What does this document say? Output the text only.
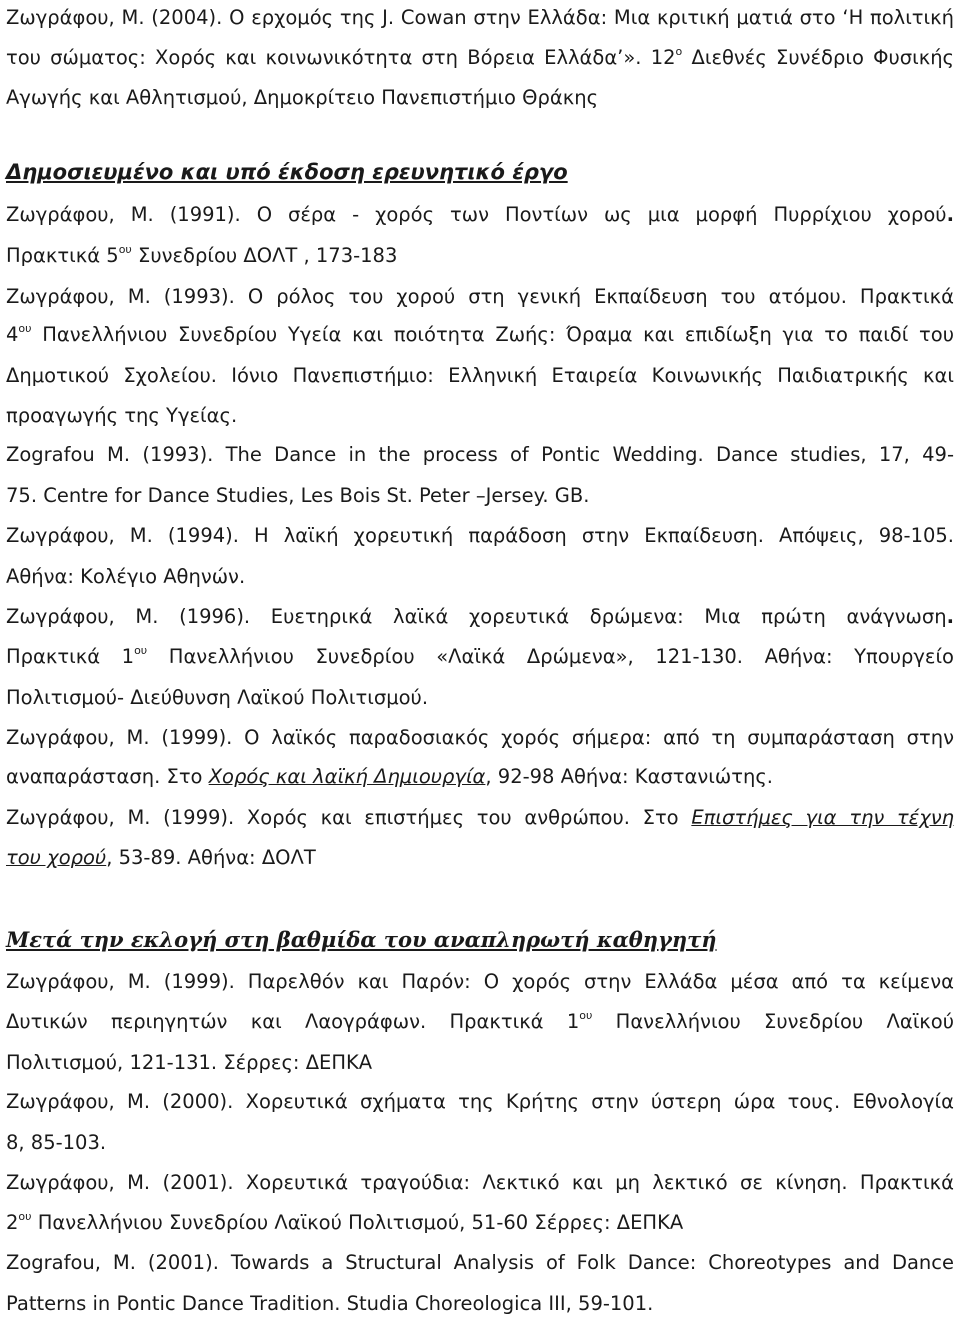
Ζωγράφου, Μ. (2004). Ο ερχομός της J. Cowan στην Ελλάδα: Μια κριτική ματιά στο ‘Η πολιτική
του σώματος: Χορός και κοινωνικότητα στη Βόρεια Ελλάδα’». $12^o$ Διεθνές Συνέδριο Φυσικής
Αγωγής και Αθλητισμού, Δημοκρίτειο Πανεπιστήμιο Θράκης
Δημοσιευμένο και υπό έκδοση ερευνητικό έργο
Ζωγράφου, Μ. (1991). Ο σέρα - χορός των Ποντίων ως μια μορφή Πυρρίχιου χορού.
Πρακτικά $5^{o\upsilon}$ Συνεδρίου ΔΟΛΤ , 173-183
Ζωγράφου, Μ. (1993). Ο ρόλος του χορού στη γενική Εκπαίδευση του ατόμου. Πρακτικά
$4^{o\upsilon}$ Πανελλήνιου Συνεδρίου Υγεία και ποιότητα Ζωής: Όραμα και επιδίωξη για το παιδί του
Δημοτικού Σχολείου. Ιόνιο Πανεπιστήμιο: Ελληνική Εταιρεία Κοινωνικής Παιδιατρικής και
προαγωγής της Υγείας.
Zografou M. (1993). The Dance in the process of Pontic Wedding. Dance studies, 17, 49-
75. Centre for Dance Studies, Les Bois St. Peter –Jersey. GB.
Ζωγράφου, Μ. (1994). Η λαϊκή χορευτική παράδοση στην Εκπαίδευση. Απόψεις, 98-105.
Αθήνα: Κολέγιο Αθηνών.
Ζωγράφου, Μ. (1996). Ευετηρικά λαϊκά χορευτικά δρώμενα: Μια πρώτη ανάγνωση.
Πρακτικά $1^{o\upsilon}$ Πανελλήνιου Συνεδρίου «Λαϊκά Δρώμενα», 121-130. Αθήνα: Υπουργείο
Πολιτισμού- Διεύθυνση Λαϊκού Πολιτισμού.
Ζωγράφου, Μ. (1999). Ο λαϊκός παραδοσιακός χορός σήμερα: από τη συμπαράσταση στην
αναπαράσταση. Στο Χορός και λαϊκή Δημιουργία, 92-98 Αθήνα: Καστανιώτης.
Ζωγράφου, Μ. (1999). Χορός και επιστήμες του ανθρώπου. Στο Επιστήμες για την τέχνη
του χορού, 53-89. Αθήνα: ΔΟΛΤ
Μετά την εκλογή στη βαθμίδα του αναπληρωτή καθηγητή
Ζωγράφου, Μ. (1999). Παρελθόν και Παρόν: Ο χορός στην Ελλάδα μέσα από τα κείμενα
Δυτικών περιηγητών και Λαογράφων. Πρακτικά $1^{o\upsilon}$ Πανελλήνιου Συνεδρίου Λαϊκού
Πολιτισμού, 121-131. Σέρρες: ΔΕΠΚΑ
Ζωγράφου, Μ. (2000). Χορευτικά σχήματα της Κρήτης στην ύστερη ώρα τους. Εθνολογία
8, 85-103.
Ζωγράφου, Μ. (2001). Χορευτικά τραγούδια: Λεκτικό και μη λεκτικό σε κίνηση. Πρακτικά
$2^{o\upsilon}$ Πανελλήνιου Συνεδρίου Λαϊκού Πολιτισμού, 51-60 Σέρρες: ΔΕΠΚΑ
Zografou, M. (2001). Towards a Structural Analysis of Folk Dance: Choreotypes and Dance
Patterns in Pontic Dance Tradition. Studia Choreologica III, 59-101.
